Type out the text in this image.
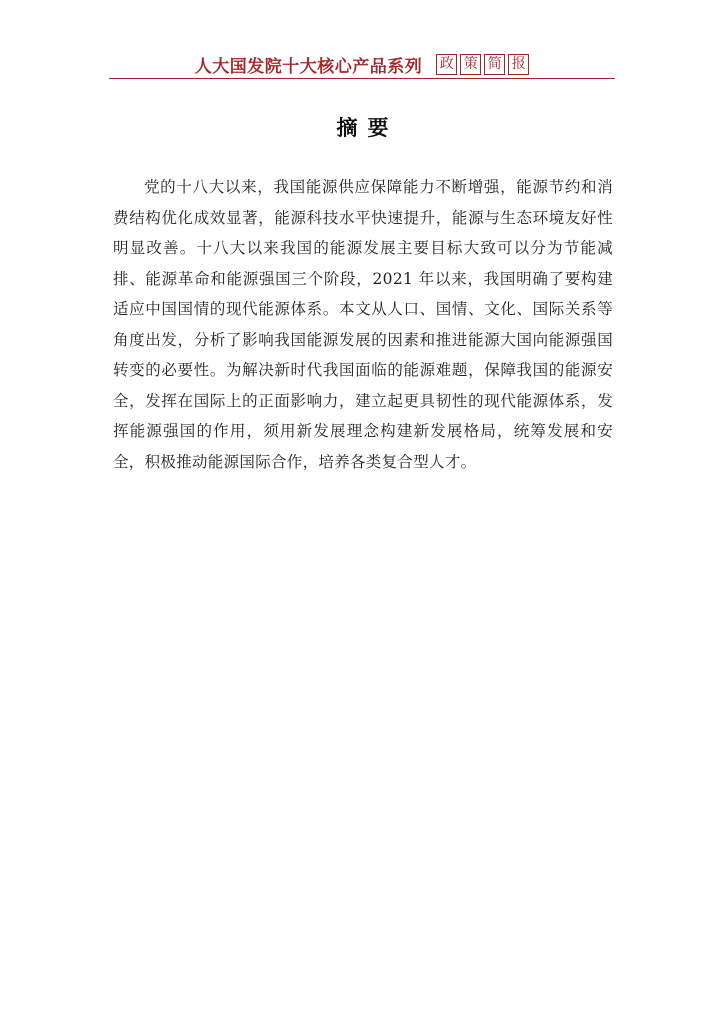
人大国发院十大核心产品系列 政 策 简 报
摘要

党的十八大以来，我国能源供应保障能力不断增强，能源节约和消费结构优化成效显著，能源科技水平快速提升，能源与生态环境友好性明显改善。十八大以来我国的能源发展主要目标大致可以分为节能减排、能源革命和能源强国三个阶段，2021 年以来，我国明确了要构建适应中国国情的现代能源体系。本文从人口、国情、文化、国际关系等角度出发，分析了影响我国能源发展的因素和推进能源大国向能源强国转变的必要性。为解决新时代我国面临的能源难题，保障我国的能源安全，发挥在国际上的正面影响力，建立起更具韧性的现代能源体系，发挥能源强国的作用，须用新发展理念构建新发展格局，统筹发展和安全，积极推动能源国际合作，培养各类复合型人才。
